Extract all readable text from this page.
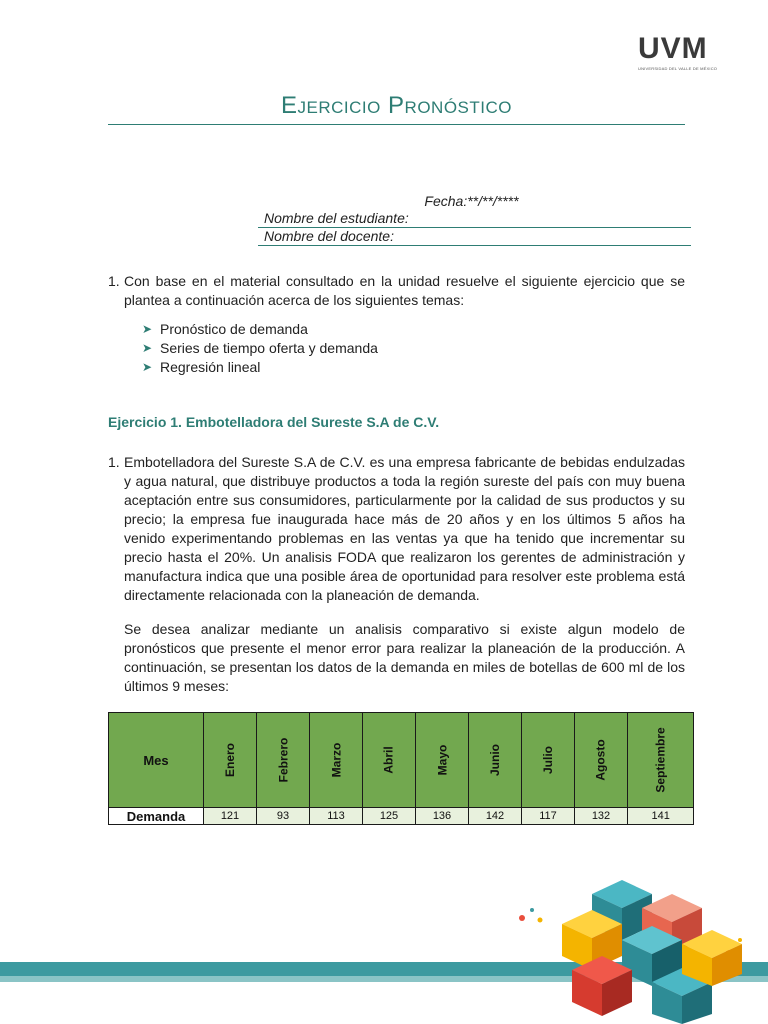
UVM
UNIVERSIDAD DEL VALLE DE MÉXICO
Ejercicio Pronóstico
Fecha:**/**/****
Nombre del estudiante:
Nombre del docente:
1. Con base en el material consultado en la unidad resuelve el siguiente ejercicio que se plantea a continuación acerca de los siguientes temas:
➤ Pronóstico de demanda
➤ Series de tiempo oferta y demanda
➤ Regresión lineal
Ejercicio 1. Embotelladora del Sureste S.A de C.V.
1. Embotelladora del Sureste S.A de C.V. es una empresa fabricante de bebidas endulzadas y agua natural, que distribuye productos a toda la región sureste del país con muy buena aceptación entre sus consumidores, particularmente por la calidad de sus productos y su precio; la empresa fue inaugurada hace más de 20 años y en los últimos 5 años ha venido experimentando problemas en las ventas ya que ha tenido que incrementar su precio hasta el 20%. Un analisis FODA que realizaron los gerentes de administración y manufactura indica que una posible área de oportunidad para resolver este problema está directamente relacionada con la planeación de demanda.
Se desea analizar mediante un analisis comparativo si existe algun modelo de pronósticos que presente el menor error para realizar la planeación de la producción. A continuación, se presentan los datos de la demanda en miles de botellas de 600 ml de los últimos 9 meses:
Mes	Enero	Febrero	Marzo	Abril	Mayo	Junio	Julio	Agosto	Septiembre
Demanda	121	93	113	125	136	142	117	132	141
